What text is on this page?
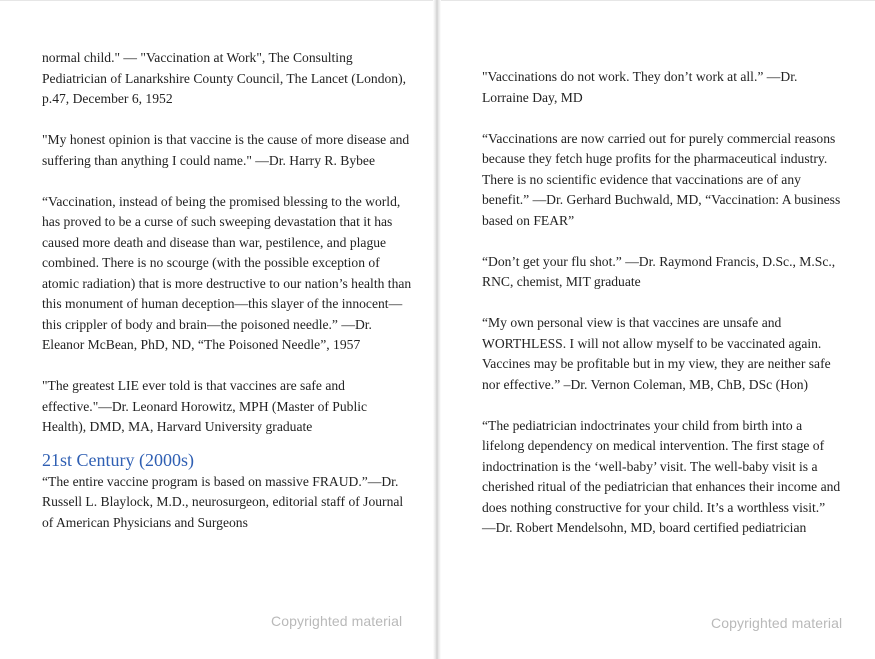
normal child." — "Vaccination at Work", The Consulting Pediatrician of Lanarkshire County Council, The Lancet (London), p.47, December 6, 1952

"My honest opinion is that vaccine is the cause of more disease and suffering than anything I could name." —Dr. Harry R. Bybee

“Vaccination, instead of being the promised blessing to the world, has proved to be a curse of such sweeping devastation that it has caused more death and disease than war, pestilence, and plague combined. There is no scourge (with the possible exception of atomic radiation) that is more destructive to our nation’s health than this monument of human deception—this slayer of the innocent—this crippler of body and brain—the poisoned needle.” —Dr. Eleanor McBean, PhD, ND, “The Poisoned Needle”, 1957

"The greatest LIE ever told is that vaccines are safe and effective."—Dr. Leonard Horowitz, MPH (Master of Public Health), DMD, MA, Harvard University graduate

21st Century (2000s)

“The entire vaccine program is based on massive FRAUD.”—Dr. Russell L. Blaylock, M.D., neurosurgeon, editorial staff of Journal of American Physicians and Surgeons

"Vaccinations do not work. They don’t work at all.” —Dr. Lorraine Day, MD

“Vaccinations are now carried out for purely commercial reasons because they fetch huge profits for the pharmaceutical industry. There is no scientific evidence that vaccinations are of any benefit.” —Dr. Gerhard Buchwald, MD, “Vaccination: A business based on FEAR”

“Don’t get your flu shot.” —Dr. Raymond Francis, D.Sc., M.Sc., RNC, chemist, MIT graduate

“My own personal view is that vaccines are unsafe and WORTHLESS. I will not allow myself to be vaccinated again. Vaccines may be profitable but in my view, they are neither safe nor effective.” –Dr. Vernon Coleman, MB, ChB, DSc (Hon)

“The pediatrician indoctrinates your child from birth into a lifelong dependency on medical intervention. The first stage of indoctrination is the ‘well-baby’ visit. The well-baby visit is a cherished ritual of the pediatrician that enhances their income and does nothing constructive for your child. It’s a worthless visit.” —Dr. Robert Mendelsohn, MD, board certified pediatrician

Copyrighted material	Copyrighted material
